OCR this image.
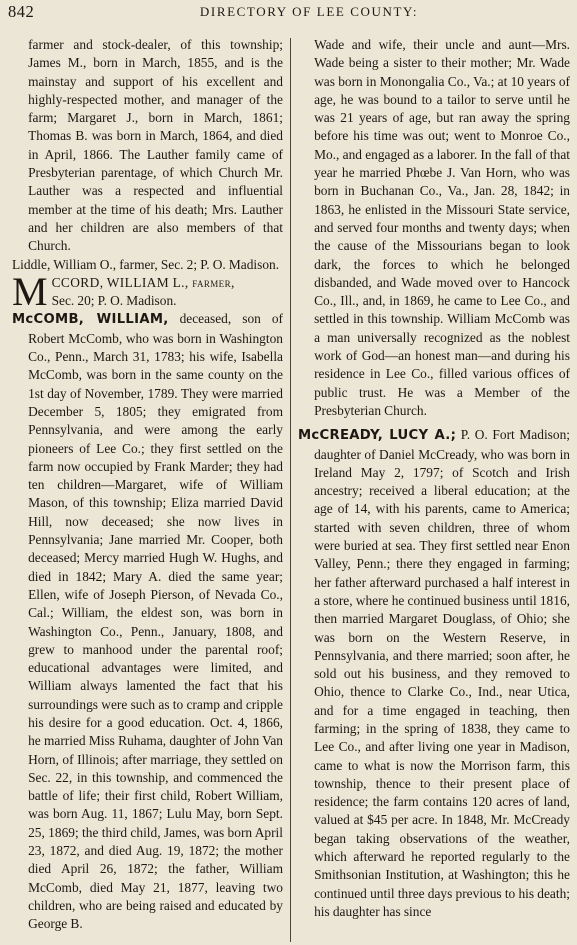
842	DIRECTORY OF LEE COUNTY:

farmer and stock-dealer, of this township; James M., born in March, 1855, and is the mainstay and support of his excellent and highly-respected mother, and manager of the farm; Margaret J., born in March, 1861; Thomas B. was born in March, 1864, and died in April, 1866. The Lauther family came of Presbyterian parentage, of which Church Mr. Lauther was a respected and influential member at the time of his death; Mrs. Lauther and her children are also members of that Church.

Liddle, William O., farmer, Sec. 2; P. O. Madison.

M CCORD, WILLIAM L., farmer,
Sec. 20; P. O. Madison.

McCOMB, WILLIAM, deceased, son of Robert McComb, who was born in Washington Co., Penn., March 31, 1783; his wife, Isabella McComb, was born in the same county on the 1st day of November, 1789. They were married December 5, 1805; they emigrated from Pennsylvania, and were among the early pioneers of Lee Co.; they first settled on the farm now occupied by Frank Marder; they had ten children—Margaret, wife of William Mason, of this township; Eliza married David Hill, now deceased; she now lives in Pennsylvania; Jane married Mr. Cooper, both deceased; Mercy married Hugh W. Hughs, and died in 1842; Mary A. died the same year; Ellen, wife of Joseph Pierson, of Nevada Co., Cal.; William, the eldest son, was born in Washington Co., Penn., January, 1808, and grew to manhood under the parental roof; educational advantages were limited, and William always lamented the fact that his surroundings were such as to cramp and cripple his desire for a good education. Oct. 4, 1866, he married Miss Ruhama, daughter of John Van Horn, of Illinois; after marriage, they settled on Sec. 22, in this township, and commenced the battle of life; their first child, Robert William, was born Aug. 11, 1867; Lulu May, born Sept. 25, 1869; the third child, James, was born April 23, 1872, and died Aug. 19, 1872; the mother died April 26, 1872; the father, William McComb, died May 21, 1877, leaving two children, who are being raised and educated by George B.

Wade and wife, their uncle and aunt—Mrs. Wade being a sister to their mother; Mr. Wade was born in Monongalia Co., Va.; at 10 years of age, he was bound to a tailor to serve until he was 21 years of age, but ran away the spring before his time was out; went to Monroe Co., Mo., and engaged as a laborer. In the fall of that year he married Phœbe J. Van Horn, who was born in Buchanan Co., Va., Jan. 28, 1842; in 1863, he enlisted in the Missouri State service, and served four months and twenty days; when the cause of the Missourians began to look dark, the forces to which he belonged disbanded, and Wade moved over to Hancock Co., Ill., and, in 1869, he came to Lee Co., and settled in this township. William McComb was a man universally recognized as the noblest work of God—an honest man—and during his residence in Lee Co., filled various offices of public trust. He was a Member of the Presbyterian Church.

McCREADY, LUCY A.; P. O. Fort Madison; daughter of Daniel McCready, who was born in Ireland May 2, 1797; of Scotch and Irish ancestry; received a liberal education; at the age of 14, with his parents, came to America; started with seven children, three of whom were buried at sea. They first settled near Enon Valley, Penn.; there they engaged in farming; her father afterward purchased a half interest in a store, where he continued business until 1816, then married Margaret Douglass, of Ohio; she was born on the Western Reserve, in Pennsylvania, and there married; soon after, he sold out his business, and they removed to Ohio, thence to Clarke Co., Ind., near Utica, and for a time engaged in teaching, then farming; in the spring of 1838, they came to Lee Co., and after living one year in Madison, came to what is now the Morrison farm, this township, thence to their present place of residence; the farm contains 120 acres of land, valued at $45 per acre. In 1848, Mr. McCready began taking observations of the weather, which afterward he reported regularly to the Smithsonian Institution, at Washington; this he continued until three days previous to his death; his daughter has since
